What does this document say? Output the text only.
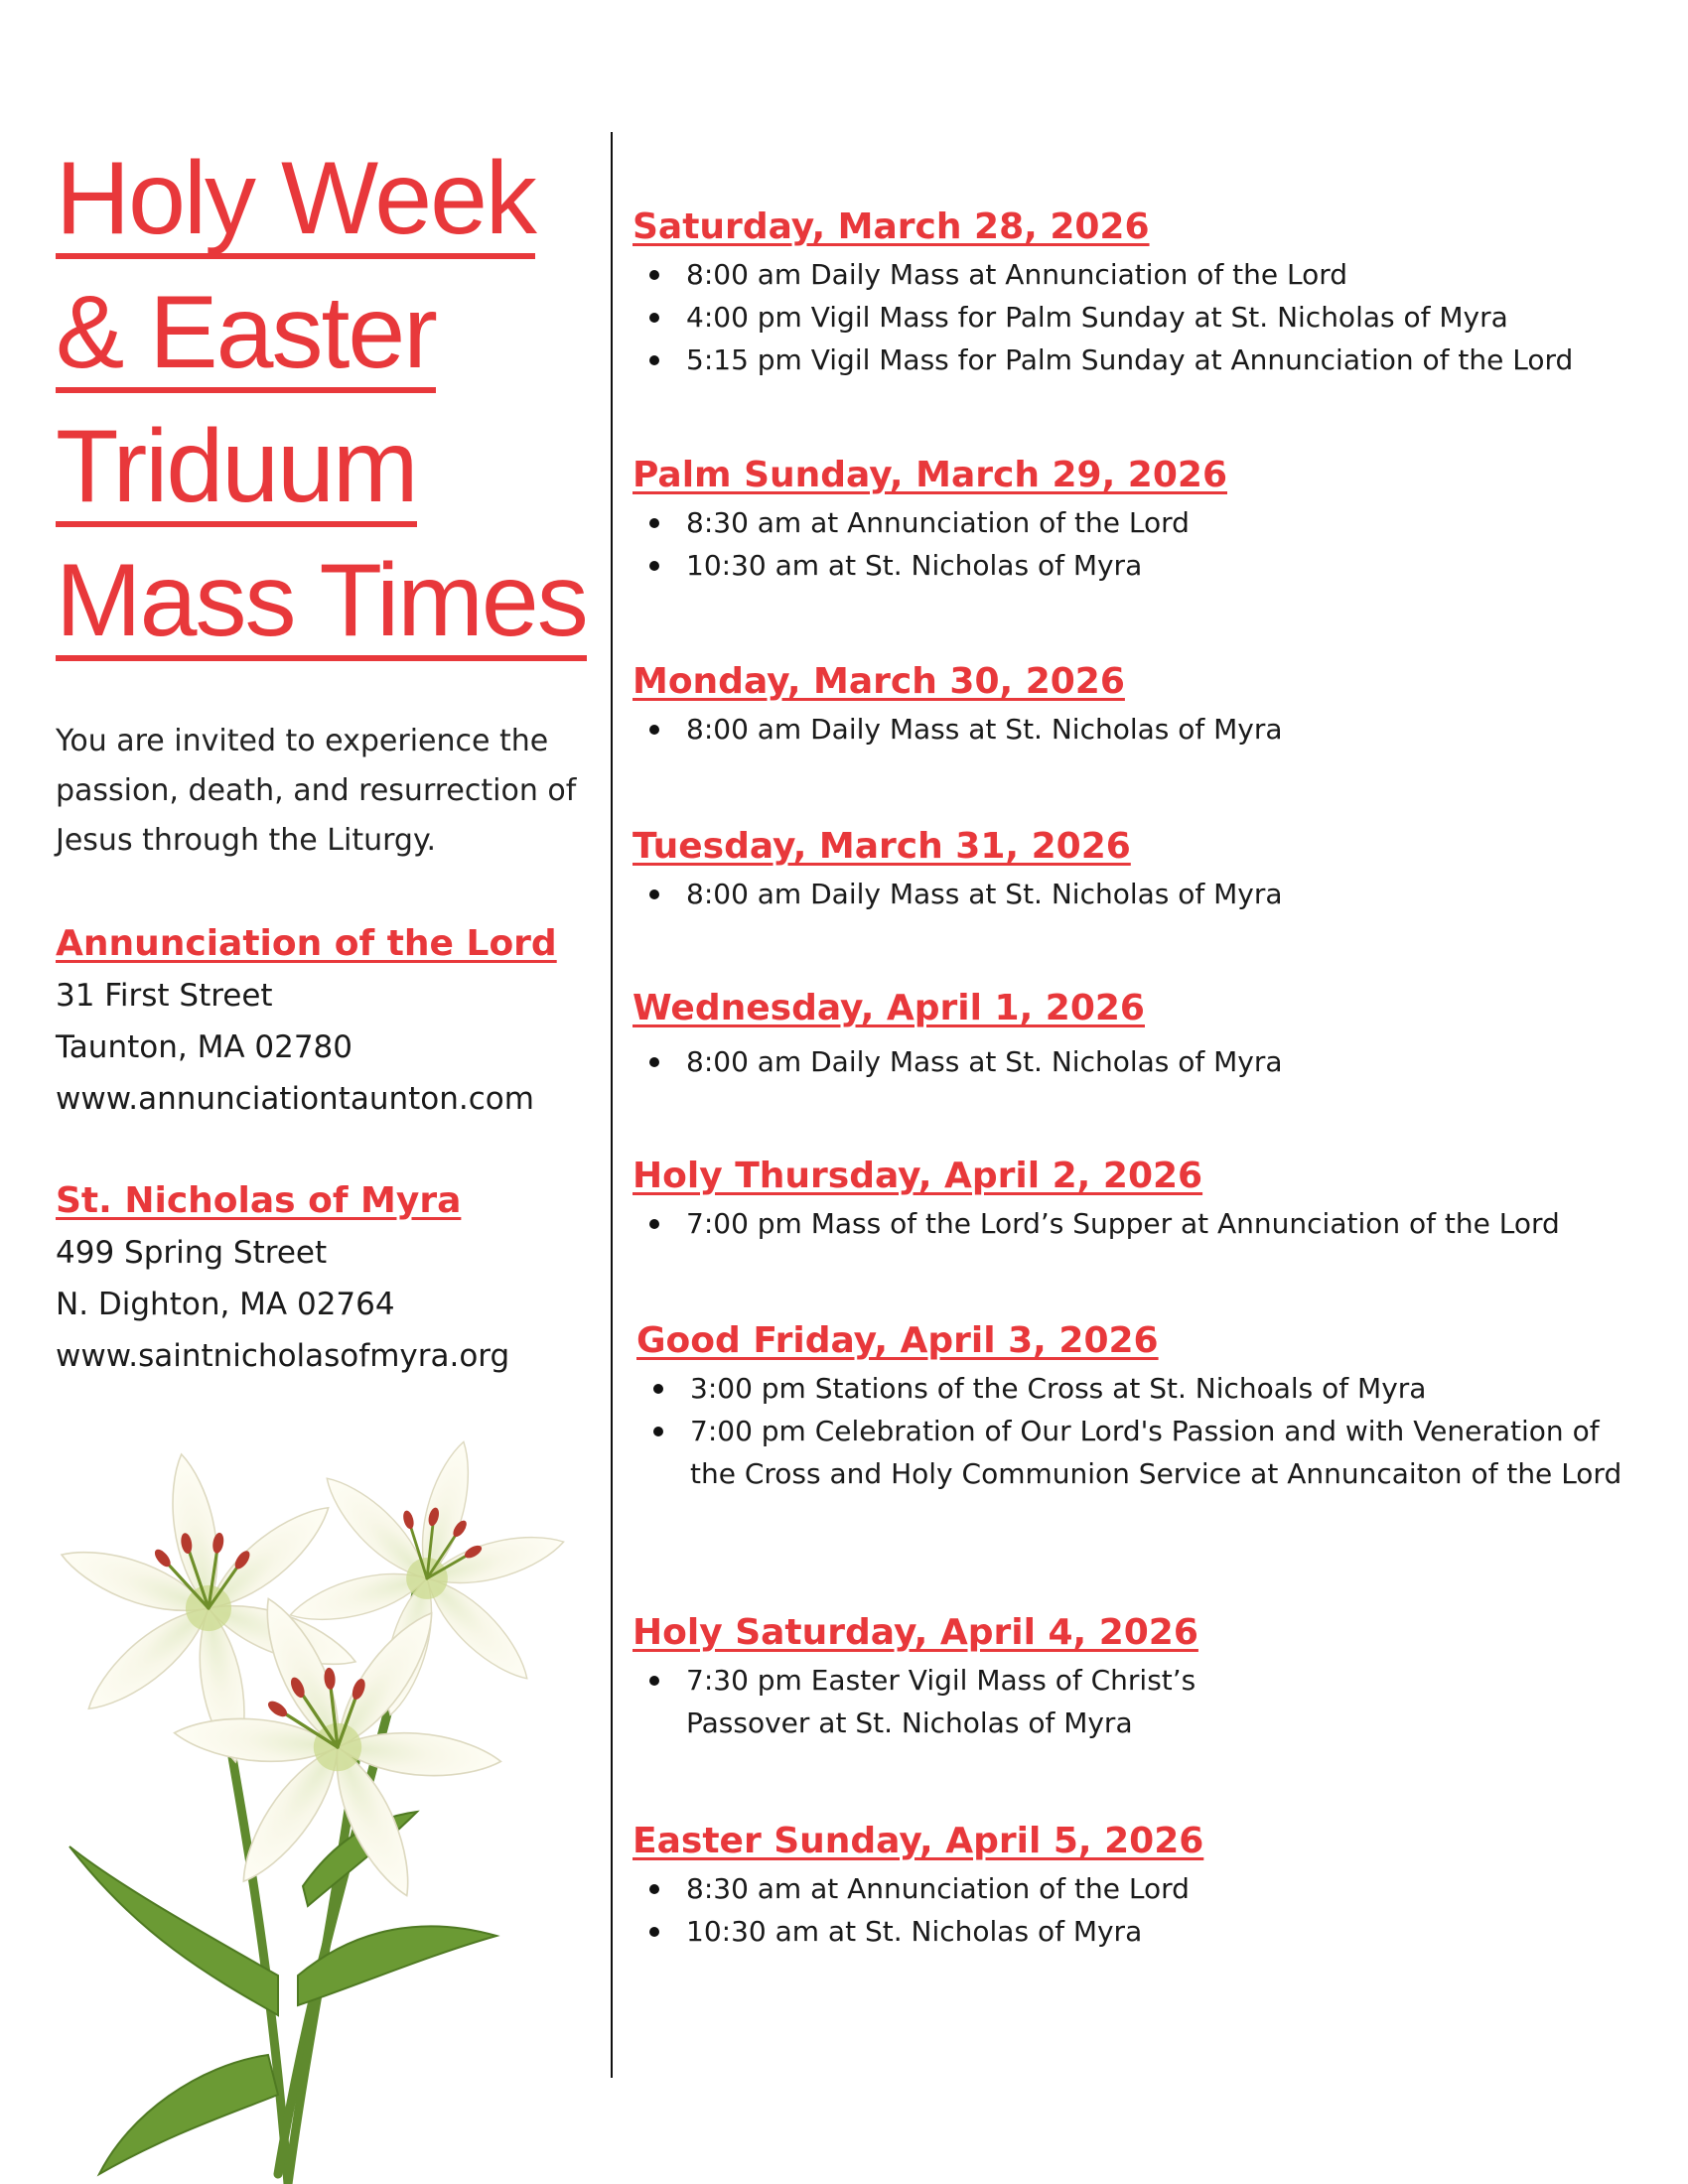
Holy Week
& Easter
Triduum
Mass Times

You are invited to experience the passion, death, and resurrection of Jesus through the Liturgy.

Annunciation of the Lord
31 First Street
Taunton, MA 02780
www.annunciationtaunton.com
St. Nicholas of Myra
499 Spring Street
N. Dighton, MA 02764
www.saintnicholasofmyra.org
Saturday, March 28, 2026
8:00 am Daily Mass at Annunciation of the Lord
4:00 pm Vigil Mass for Palm Sunday at St. Nicholas of Myra
5:15 pm Vigil Mass for Palm Sunday at Annunciation of the Lord
Palm Sunday, March 29, 2026
8:30 am at Annunciation of the Lord
10:30 am at St. Nicholas of Myra
Monday, March 30, 2026
8:00 am Daily Mass at St. Nicholas of Myra
Tuesday, March 31, 2026
8:00 am Daily Mass at St. Nicholas of Myra
Wednesday, April 1, 2026
8:00 am Daily Mass at St. Nicholas of Myra
Holy Thursday, April 2, 2026
7:00 pm Mass of the Lord’s Supper at Annunciation of the Lord
Good Friday, April 3, 2026
3:00 pm Stations of the Cross at St. Nichoals of Myra
7:00 pm Celebration of Our Lord's Passion and with Veneration of the Cross and Holy Communion Service at Annuncaiton of the Lord
Holy Saturday, April 4, 2026
7:30 pm Easter Vigil Mass of Christ’s Passover at St. Nicholas of Myra
Easter Sunday, April 5, 2026
8:30 am at Annunciation of the Lord
10:30 am at St. Nicholas of Myra
